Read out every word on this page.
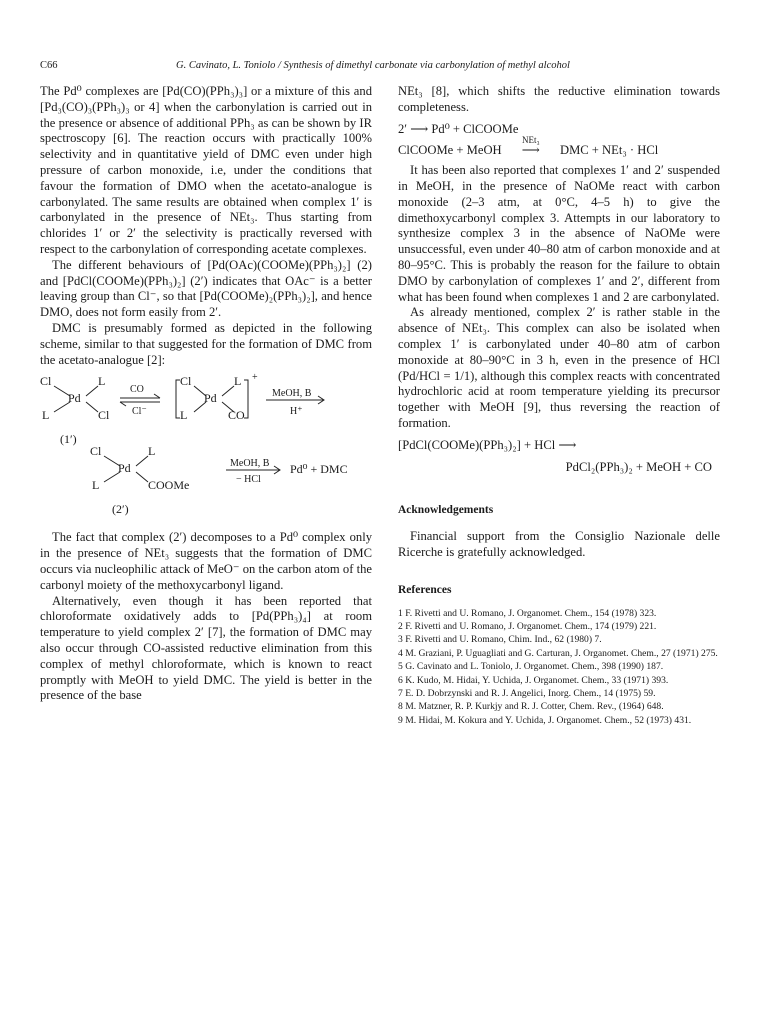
C66	G. Cavinato, L. Toniolo / Synthesis of dimethyl carbonate via carbonylation of methyl alcohol

The Pd⁰ complexes are [Pd(CO)(PPh₃)₃] or a mixture of this and [Pd₃(CO)₃(PPh₃)₃ or 4] when the carbonylation is carried out in the presence or absence of additional PPh₃ as can be shown by IR spectroscopy [6]. The reaction occurs with practically 100% selectivity and in quantitative yield of DMC even under high pressure of carbon monoxide, i.e, under the conditions that favour the formation of DMO when the acetato-analogue is carbonylated. The same results are obtained when complex 1′ is carbonylated in the presence of NEt₃. Thus starting from chlorides 1′ or 2′ the selectivity is practically reversed with respect to the carbonylation of corresponding acetate complexes.

The different behaviours of [Pd(OAc)(COOMe)(PPh₃)₂] (2) and [PdCl(COOMe)(PPh₃)₂] (2′) indicates that OAc⁻ is a better leaving group than Cl⁻, so that [Pd(COOMe)₂(PPh₃)₂], and hence DMO, does not form easily from 2′.

DMC is presumably formed as depicted in the following scheme, similar to that suggested for the formation of DMC from the acetato-analogue [2]:

Cl	L
Pd
L	Cl
(1′)
CO
Cl⁻
Cl	L
Pd
L	CO
+
MeOH, B
H⁺
Cl	L
Pd
L	COOMe
(2′)
MeOH, B
− HCl
Pd⁰ + DMC

The fact that complex (2′) decomposes to a Pd⁰ complex only in the presence of NEt₃ suggests that the formation of DMC occurs via nucleophilic attack of MeO⁻ on the carbon atom of the carbonyl moiety of the methoxycarbonyl ligand.

Alternatively, even though it has been reported that chloroformate oxidatively adds to [Pd(PPh₃)₄] at room temperature to yield complex 2′ [7], the formation of DMC may also occur through CO-assisted reductive elimination from this complex of methyl chloroformate, which is known to react promptly with MeOH to yield DMC. The yield is better in the presence of the base

NEt₃ [8], which shifts the reductive elimination towards completeness.

2′ ⟶ Pd⁰ + ClCOOMe
ClCOOMe + MeOH
NEt₃
⟶ DMC + NEt₃ · HCl

It has been also reported that complexes 1′ and 2′ suspended in MeOH, in the presence of NaOMe react with carbon monoxide (2–3 atm, at 0°C, 4–5 h) to give the dimethoxycarbonyl complex 3. Attempts in our laboratory to synthesize complex 3 in the absence of NaOMe were unsuccessful, even under 40–80 atm of carbon monoxide and at 80–95°C. This is probably the reason for the failure to obtain DMO by carbonylation of complexes 1′ and 2′, different from what has been found when complexes 1 and 2 are carbonylated.

As already mentioned, complex 2′ is rather stable in the absence of NEt₃. This complex can also be isolated when complex 1′ is carbonylated under 40–80 atm of carbon monoxide at 80–90°C in 3 h, even in the presence of HCl (Pd/HCl = 1/1), although this complex reacts with concentrated hydrochloric acid at room temperature yielding its precursor together with MeOH [9], thus reversing the reaction of formation.

[PdCl(COOMe)(PPh₃)₂] + HCl ⟶
PdCl₂(PPh₃)₂ + MeOH + CO
Acknowledgements

Financial support from the Consiglio Nazionale delle Ricerche is gratefully acknowledged.

References
1 F. Rivetti and U. Romano, J. Organomet. Chem., 154 (1978) 323.
2 F. Rivetti and U. Romano, J. Organomet. Chem., 174 (1979) 221.
3 F. Rivetti and U. Romano, Chim. Ind., 62 (1980) 7.
4 M. Graziani, P. Uguagliati and G. Carturan, J. Organomet. Chem., 27 (1971) 275.
5 G. Cavinato and L. Toniolo, J. Organomet. Chem., 398 (1990) 187.
6 K. Kudo, M. Hidai, Y. Uchida, J. Organomet. Chem., 33 (1971) 393.
7 E. D. Dobrzynski and R. J. Angelici, Inorg. Chem., 14 (1975) 59.
8 M. Matzner, R. P. Kurkjy and R. J. Cotter, Chem. Rev., (1964) 648.
9 M. Hidai, M. Kokura and Y. Uchida, J. Organomet. Chem., 52 (1973) 431.
